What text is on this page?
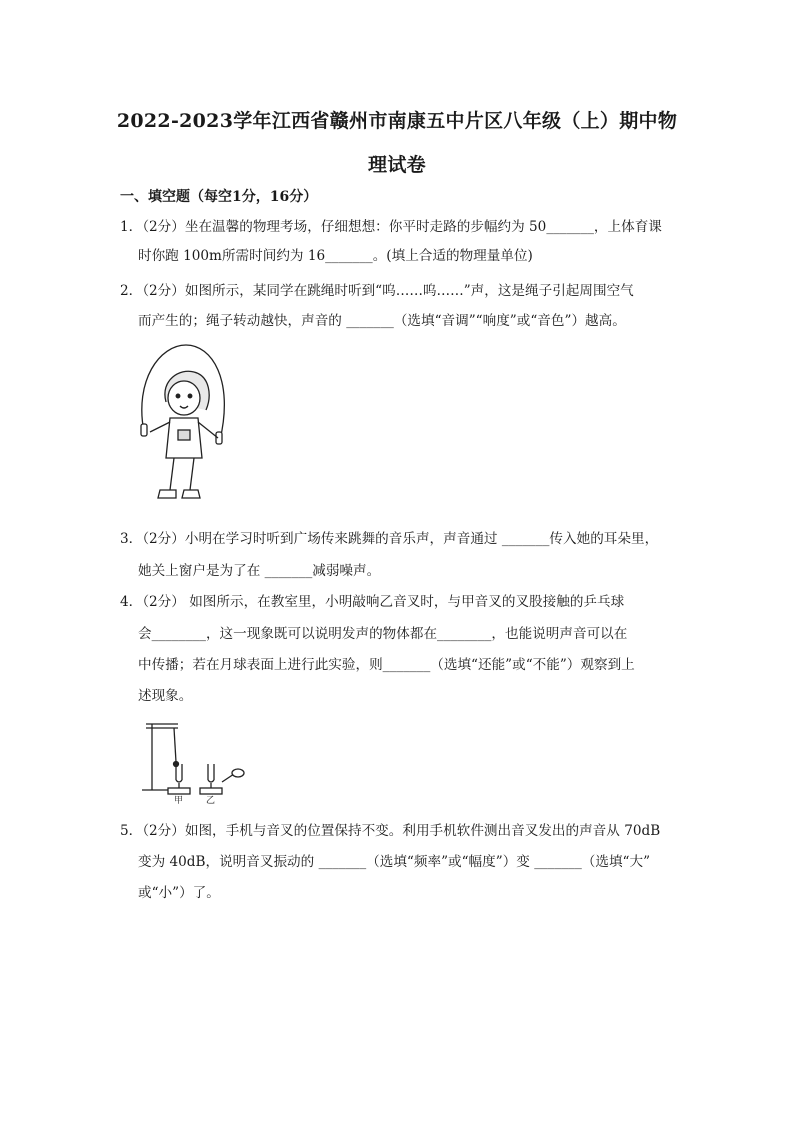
2022-2023学年江西省赣州市南康五中片区八年级（上）期中物
理试卷
一、填空题（每空1分，16分）
1．（2分）坐在温馨的物理考场，仔细想想：你平时走路的步幅约为 50_______，上体育课
时你跑 100m所需时间约为 16_______。(填上合适的物理量单位)
2．（2分）如图所示，某同学在跳绳时听到“呜……呜……”声，这是绳子引起周围空气
而产生的；绳子转动越快，声音的 _______（选填“音调”“响度”或“音色”）越高。
3．（2分）小明在学习时听到广场传来跳舞的音乐声，声音通过 _______传入她的耳朵里，
她关上窗户是为了在 _______减弱噪声。
4．（2分） 如图所示，在教室里，小明敲响乙音叉时，与甲音叉的叉股接触的乒乓球
会________，这一现象既可以说明发声的物体都在________，也能说明声音可以在
中传播；若在月球表面上进行此实验，则_______（选填“还能”或“不能”）观察到上
述现象。
甲	乙
5．（2分）如图，手机与音叉的位置保持不变。利用手机软件测出音叉发出的声音从 70dB
变为 40dB，说明音叉振动的 _______（选填“频率”或“幅度”）变 _______（选填“大”
或“小”）了。
